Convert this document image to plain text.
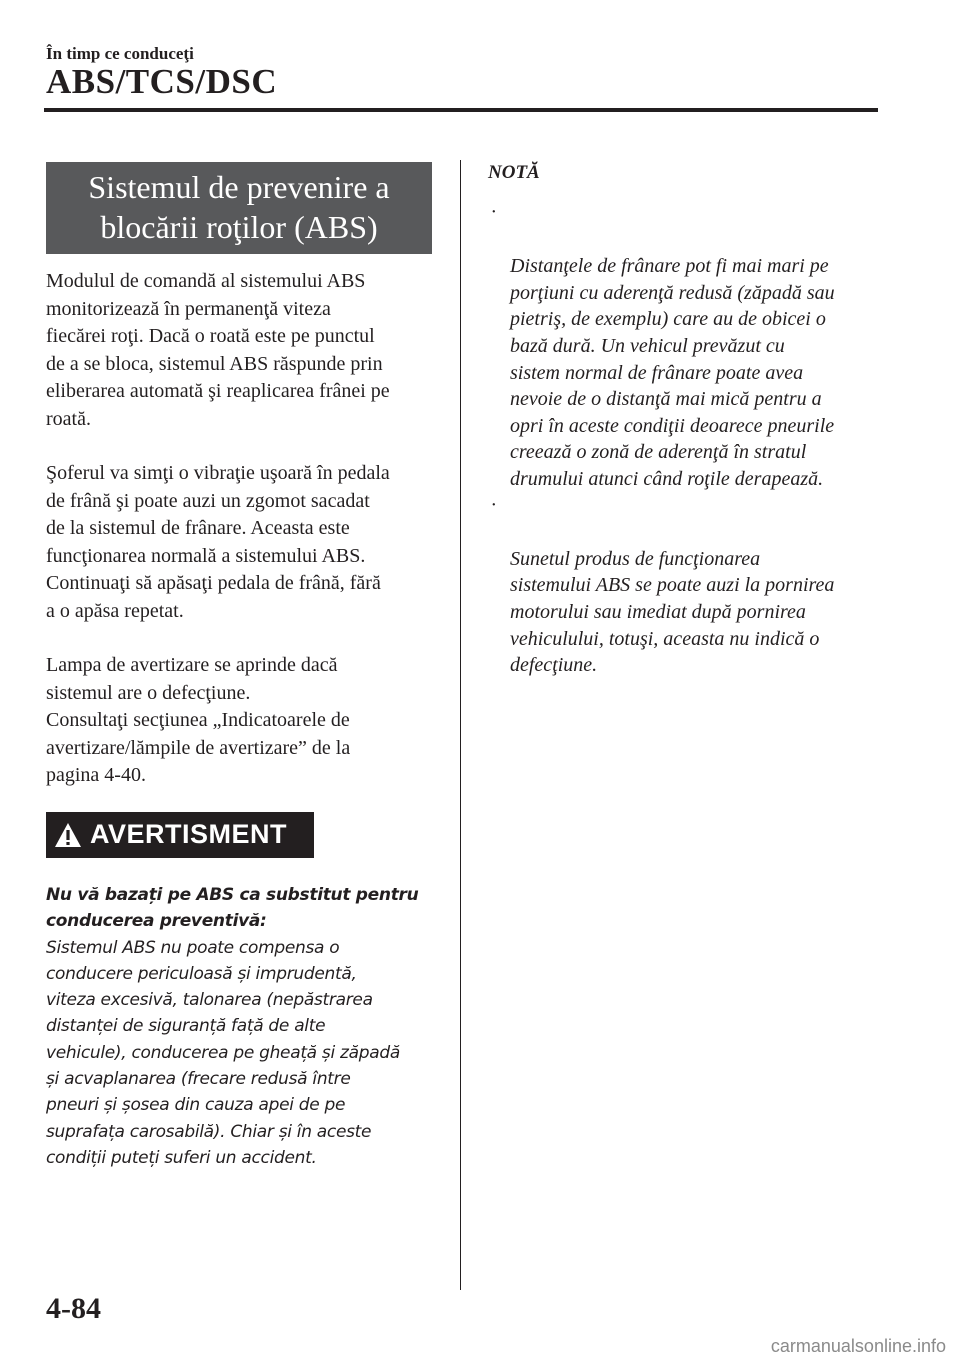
În timp ce conduceţi
ABS/TCS/DSC
Sistemul de prevenire a
blocării roţilor (ABS)

Modulul de comandă al sistemului ABS
monitorizează în permanenţă viteza
fiecărei roţi. Dacă o roată este pe punctul
de a se bloca, sistemul ABS răspunde prin
eliberarea automată şi reaplicarea frânei pe
roată.

Şoferul va simţi o vibraţie uşoară în pedala
de frână şi poate auzi un zgomot sacadat
de la sistemul de frânare. Aceasta este
funcţionarea normală a sistemului ABS.
Continuaţi să apăsaţi pedala de frână, fără
a o apăsa repetat.

Lampa de avertizare se aprinde dacă
sistemul are o defecţiune.
Consultaţi secţiunea „Indicatoarele de
avertizare/lămpile de avertizare” de la
pagina 4-40.

AVERTISMENT
Nu vă bazați pe ABS ca substitut pentru
conducerea preventivă:
Sistemul ABS nu poate compensa o
conducere periculoasă și imprudentă,
viteza excesivă, talonarea (nepăstrarea
distanței de siguranță față de alte
vehicule), conducerea pe gheață și zăpadă
și acvaplanarea (frecare redusă între
pneuri și șosea din cauza apei de pe
suprafața carosabilă). Chiar și în aceste
condiții puteți suferi un accident.
NOTĂ

·

Distanţele de frânare pot fi mai mari pe
porţiuni cu aderenţă redusă (zăpadă sau
pietriş, de exemplu) care au de obicei o
bază dură. Un vehicul prevăzut cu
sistem normal de frânare poate avea
nevoie de o distanţă mai mică pentru a
opri în aceste condiţii deoarece pneurile
creează o zonă de aderenţă în stratul
drumului atunci când roţile derapează.

·

Sunetul produs de funcţionarea
sistemului ABS se poate auzi la pornirea
motorului sau imediat după pornirea
vehiculului, totuşi, aceasta nu indică o
defecţiune.

4-84
carmanualsonline.info
